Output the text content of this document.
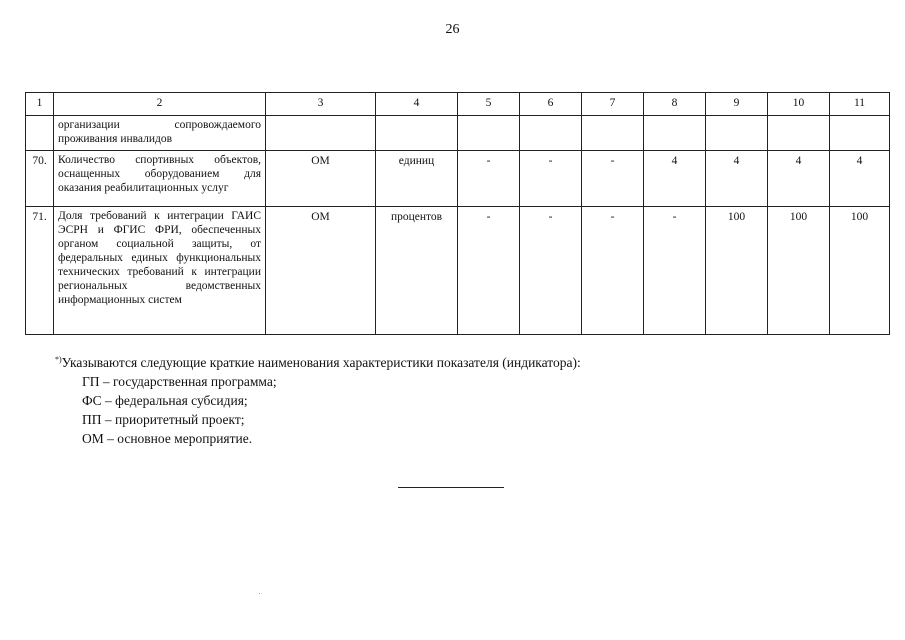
26
1	2	3	4	5	6	7	8	9	10	11
	организации сопровождаемого проживания инвалидов									
70.	Количество спортивных объектов, оснащенных оборудованием для оказания реабилитационных услуг	ОМ	единиц	-	-	-	4	4	4	4
71.	Доля требований к интеграции ГАИС ЭСРН и ФГИС ФРИ, обеспеченных органом социальной защиты, от федеральных единых функциональных технических требований к интеграции региональных ведомственных информационных систем	ОМ	процентов	-	-	-	-	100	100	100
*)Указываются следующие краткие наименования характеристики показателя (индикатора):
ГП – государственная программа;
ФС – федеральная субсидия;
ПП – приоритетный проект;
ОМ – основное мероприятие.
